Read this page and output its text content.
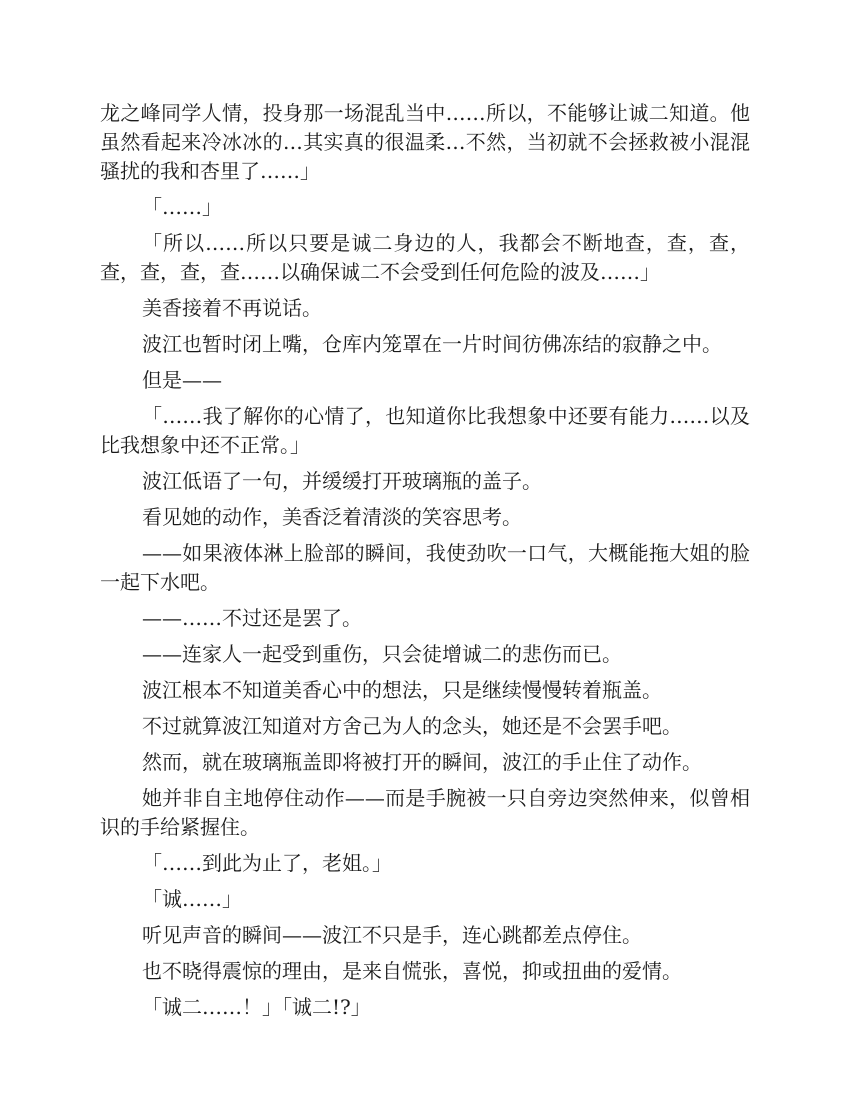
龙之峰同学人情，投身那一场混乱当中……所以，不能够让诚二知道。他虽然看起来冷冰冰的…其实真的很温柔…不然，当初就不会拯救被小混混骚扰的我和杏里了……」

「……」

「所以……所以只要是诚二身边的人，我都会不断地查，查，查，查，查，查，查……以确保诚二不会受到任何危险的波及……」

美香接着不再说话。

波江也暂时闭上嘴，仓库内笼罩在一片时间彷佛冻结的寂静之中。

但是——

「……我了解你的心情了，也知道你比我想象中还要有能力……以及比我想象中还不正常。」

波江低语了一句，并缓缓打开玻璃瓶的盖子。

看见她的动作，美香泛着清淡的笑容思考。

——如果液体淋上脸部的瞬间，我使劲吹一口气，大概能拖大姐的脸一起下水吧。

——……不过还是罢了。

——连家人一起受到重伤，只会徒增诚二的悲伤而已。

波江根本不知道美香心中的想法，只是继续慢慢转着瓶盖。

不过就算波江知道对方舍己为人的念头，她还是不会罢手吧。

然而，就在玻璃瓶盖即将被打开的瞬间，波江的手止住了动作。

她并非自主地停住动作——而是手腕被一只自旁边突然伸来，似曾相识的手给紧握住。

「……到此为止了，老姐。」

「诚……」

听见声音的瞬间——波江不只是手，连心跳都差点停住。

也不晓得震惊的理由，是来自慌张，喜悦，抑或扭曲的爱情。

「诚二……！」「诚二!?」
